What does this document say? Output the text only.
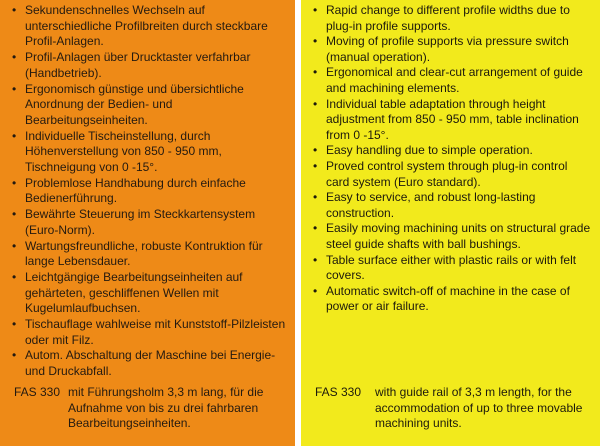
• Sekundenschnelles Wechseln auf unterschiedliche Profilbreiten durch steckbare Profil-Anlagen.
• Profil-Anlagen über Drucktaster verfahrbar (Handbetrieb).
• Ergonomisch günstige und übersichtliche Anordnung der Bedien- und Bearbeitungseinheiten.
• Individuelle Tischeinstellung, durch Höhenverstellung von 850 - 950 mm, Tischneigung von 0 -15°.
• Problemlose Handhabung durch einfache Bedienerführung.
• Bewährte Steuerung im Steckkartensystem (Euro-Norm).
• Wartungsfreundliche, robuste Kontruktion für lange Lebensdauer.
• Leichtgängige Bearbeitungseinheiten auf gehärteten, geschliffenen Wellen mit Kugelumlaufbuchsen.
• Tischauflage wahlweise mit Kunststoff-Pilzleisten oder mit Filz.
• Autom. Abschaltung der Maschine bei Energie- und Druckabfall.
FAS 330 mit Führungsholm 3,3 m lang, für die Aufnahme von bis zu drei fahrbaren Bearbeitungseinheiten.
• Rapid change to different profile widths due to plug-in profile supports.
• Moving of profile supports via pressure switch (manual operation).
• Ergonomical and clear-cut arrangement of guide and machining elements.
• Individual table adaptation through height adjustment from 850 - 950 mm, table inclination from 0 -15°.
• Easy handling due to simple operation.
• Proved control system through plug-in control card system (Euro standard).
• Easy to service, and robust long-lasting construction.
• Easily moving machining units on structural grade steel guide shafts with ball bushings.
• Table surface either with plastic rails or with felt covers.
• Automatic switch-off of machine in the case of power or air failure.
FAS 330	with guide rail of 3,3 m length, for the accommodation of up to three movable machining units.
